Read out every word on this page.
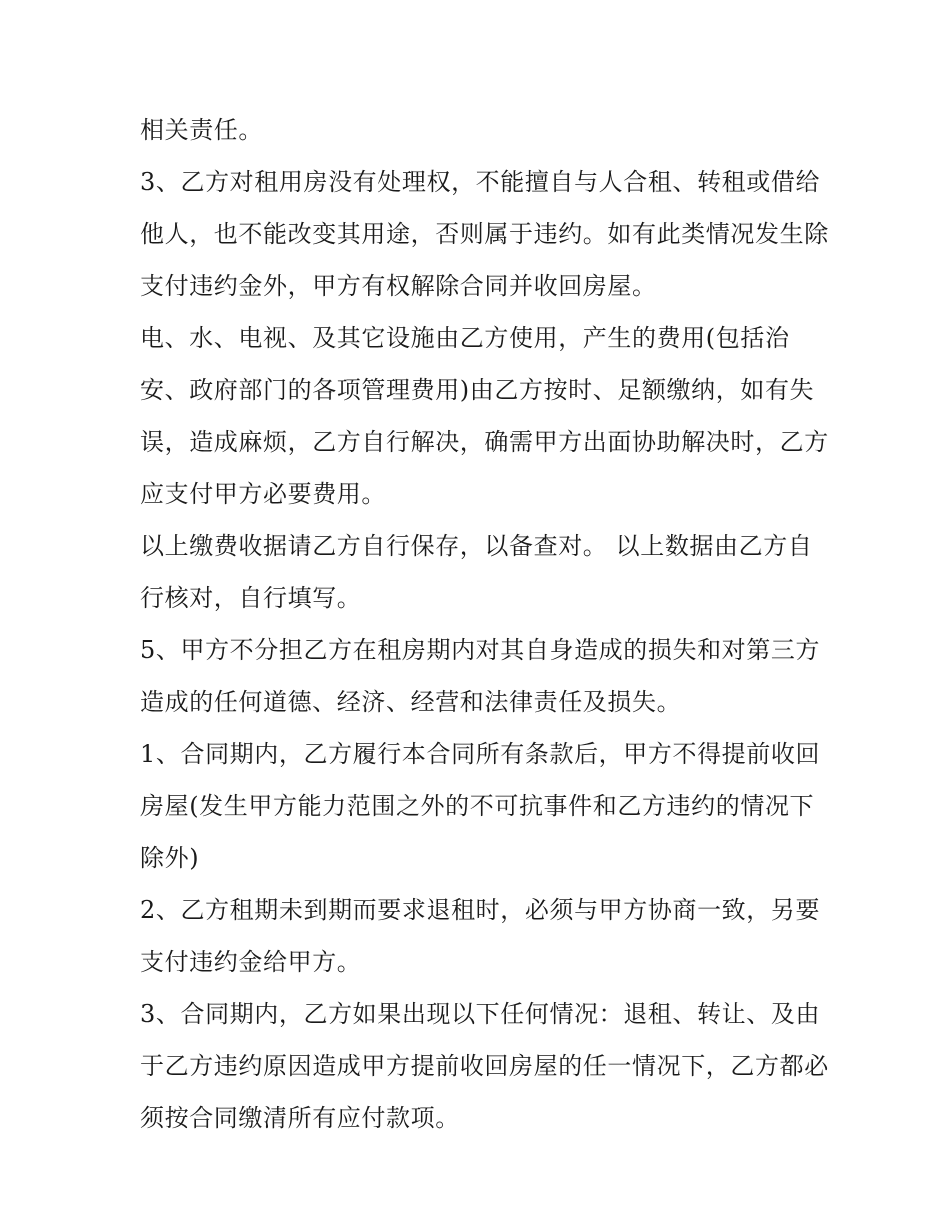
相关责任。

3、乙方对租用房没有处理权，不能擅自与人合租、转租或借给他人，也不能改变其用途，否则属于违约。如有此类情况发生除支付违约金外，甲方有权解除合同并收回房屋。

电、水、电视、及其它设施由乙方使用，产生的费用(包括治安、政府部门的各项管理费用)由乙方按时、足额缴纳，如有失误，造成麻烦，乙方自行解决，确需甲方出面协助解决时，乙方应支付甲方必要费用。

以上缴费收据请乙方自行保存，以备查对。 以上数据由乙方自行核对，自行填写。

5、甲方不分担乙方在租房期内对其自身造成的损失和对第三方造成的任何道德、经济、经营和法律责任及损失。

1、合同期内，乙方履行本合同所有条款后，甲方不得提前收回房屋(发生甲方能力范围之外的不可抗事件和乙方违约的情况下除外)

2、乙方租期未到期而要求退租时，必须与甲方协商一致，另要支付违约金给甲方。

3、合同期内，乙方如果出现以下任何情况：退租、转让、及由于乙方违约原因造成甲方提前收回房屋的任一情况下，乙方都必须按合同缴清所有应付款项。
